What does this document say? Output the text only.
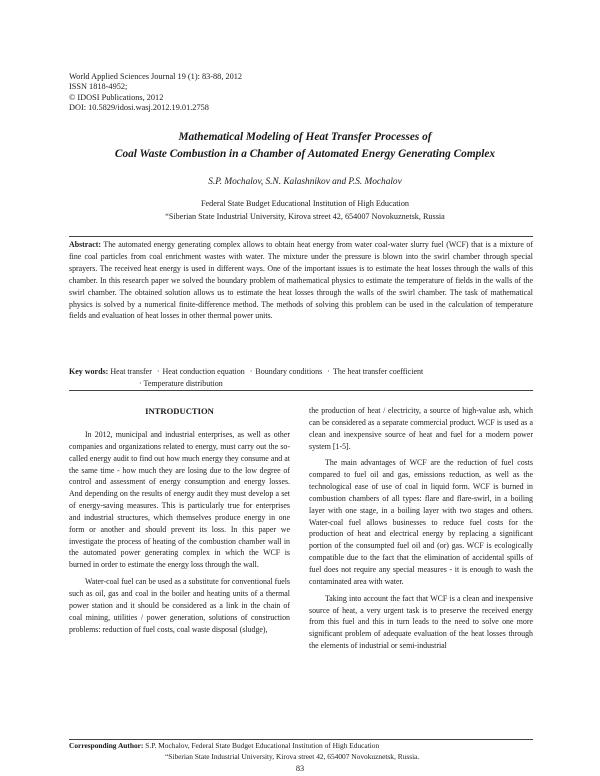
World Applied Sciences Journal 19 (1): 83-88, 2012
ISSN 1818-4952;
© IDOSI Publications, 2012
DOI: 10.5829/idosi.wasj.2012.19.01.2758
Mathematical Modeling of Heat Transfer Processes of
Coal Waste Combustion in a Chamber of Automated Energy Generating Complex
S.P. Mochalov, S.N. Kalashnikov and P.S. Mochalov
Federal State Budget Educational Institution of High Education
“Siberian State Industrial University, Kirova street 42, 654007 Novokuznetsk, Russia
Abstract: The automated energy generating complex allows to obtain heat energy from water coal-water slurry fuel (WCF) that is a mixture of fine coal particles from coal enrichment wastes with water. The mixture under the pressure is blown into the swirl chamber through special sprayers. The received heat energy is used in different ways. One of the important issues is to estimate the heat losses through the walls of this chamber. In this research paper we solved the boundary problem of mathematical physics to estimate the temperature of fields in the walls of the swirl chamber. The obtained solution allows us to estimate the heat losses through the walls of the swirl chamber. The task of mathematical physics is solved by a numerical finite-difference method. The methods of solving this problem can be used in the calculation of temperature fields and evaluation of heat losses in other thermal power units.
Key words: Heat transfer · Heat conduction equation · Boundary conditions · The heat transfer coefficient
· Temperature distribution
INTRODUCTION

In 2012, municipal and industrial enterprises, as well as other companies and organizations related to energy, must carry out the so-called energy audit to find out how much energy they consume and at the same time - how much they are losing due to the low degree of control and assessment of energy consumption and energy losses. And depending on the results of energy audit they must develop a set of energy-saving measures. This is particularly true for enterprises and industrial structures, which themselves produce energy in one form or another and should prevent its loss. In this paper we investigate the process of heating of the combustion chamber wall in the automated power generating complex in which the WCF is burned in order to estimate the energy loss through the wall.

Water-coal fuel can be used as a substitute for conventional fuels such as oil, gas and coal in the boiler and heating units of a thermal power station and it should be considered as a link in the chain of coal mining, utilities / power generation, solutions of construction problems: reduction of fuel costs, coal waste disposal (sludge),

the production of heat / electricity, a source of high-value ash, which can be considered as a separate commercial product. WCF is used as a clean and inexpensive source of heat and fuel for a modern power system [1-5].

The main advantages of WCF are the reduction of fuel costs compared to fuel oil and gas, emissions reduction, as well as the technological ease of use of coal in liquid form. WCF is burned in combustion chambers of all types: flare and flare-swirl, in a boiling layer with one stage, in a boiling layer with two stages and others. Water-coal fuel allows businesses to reduce fuel costs for the production of heat and electrical energy by replacing a significant portion of the consumpted fuel oil and (or) gas. WCF is ecologically compatible due to the fact that the elimination of accidental spills of fuel does not require any special measures - it is enough to wash the contaminated area with water.

Taking into account the fact that WCF is a clean and inexpensive source of heat, a very urgent task is to preserve the received energy from this fuel and this in turn leads to the need to solve one more significant problem of adequate evaluation of the heat losses through the elements of industrial or semi-industrial

Corresponding Author: S.P. Mochalov, Federal State Budget Educational Institution of High Education
“Siberian State Industrial University, Kirova street 42, 654007 Novokuznetsk, Russia.
83
